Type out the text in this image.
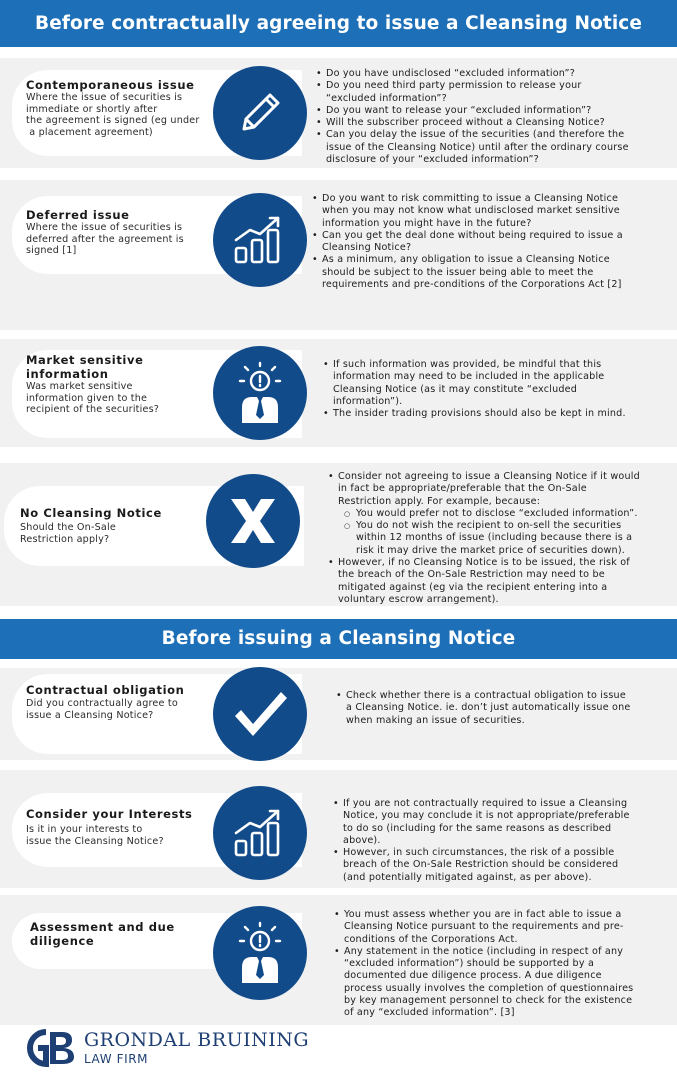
Before contractually agreeing to issue a Cleansing Notice
Before issuing a Cleansing Notice
Contemporaneous issue
Where the issue of securities is
immediate or shortly after
the agreement is signed (eg under
a placement agreement)
• Do you have undisclosed “excluded information”?
• Do you need third party permission to release your
“excluded information”?
• Do you want to release your “excluded information”?
• Will the subscriber proceed without a Cleansing Notice?
• Can you delay the issue of the securities (and therefore the
issue of the Cleansing Notice) until after the ordinary course
disclosure of your “excluded information”?
Deferred issue
Where the issue of securities is
deferred after the agreement is
signed [1]
• Do you want to risk committing to issue a Cleansing Notice
when you may not know what undisclosed market sensitive
information you might have in the future?
• Can you get the deal done without being required to issue a
Cleansing Notice?
• As a minimum, any obligation to issue a Cleansing Notice
should be subject to the issuer being able to meet the
requirements and pre-conditions of the Corporations Act [2]
Market sensitive
information
Was market sensitive
information given to the
recipient of the securities?
• If such information was provided, be mindful that this
information may need to be included in the applicable
Cleansing Notice (as it may constitute “excluded
information”).
• The insider trading provisions should also be kept in mind.
No Cleansing Notice
Should the On-Sale
Restriction apply?
• Consider not agreeing to issue a Cleansing Notice if it would
in fact be appropriate/preferable that the On-Sale
Restriction apply. For example, because:
○ You would prefer not to disclose “excluded information”.
○ You do not wish the recipient to on-sell the securities
within 12 months of issue (including because there is a
risk it may drive the market price of securities down).
• However, if no Cleansing Notice is to be issued, the risk of
the breach of the On-Sale Restriction may need to be
mitigated against (eg via the recipient entering into a
voluntary escrow arrangement).
Contractual obligation
Did you contractually agree to
issue a Cleansing Notice?
• Check whether there is a contractual obligation to issue
a Cleansing Notice. ie. don’t just automatically issue one
when making an issue of securities.
Consider your Interests
Is it in your interests to
issue the Cleansing Notice?
• If you are not contractually required to issue a Cleansing
Notice, you may conclude it is not appropriate/preferable
to do so (including for the same reasons as described
above).
• However, in such circumstances, the risk of a possible
breach of the On-Sale Restriction should be considered
(and potentially mitigated against, as per above).
Assessment and due
diligence
• You must assess whether you are in fact able to issue a
Cleansing Notice pursuant to the requirements and pre-
conditions of the Corporations Act.
• Any statement in the notice (including in respect of any
“excluded information”) should be supported by a
documented due diligence process. A due diligence
process usually involves the completion of questionnaires
by key management personnel to check for the existence
of any “excluded information”. [3]
GRONDAL BRUINING
LAW FIRM
